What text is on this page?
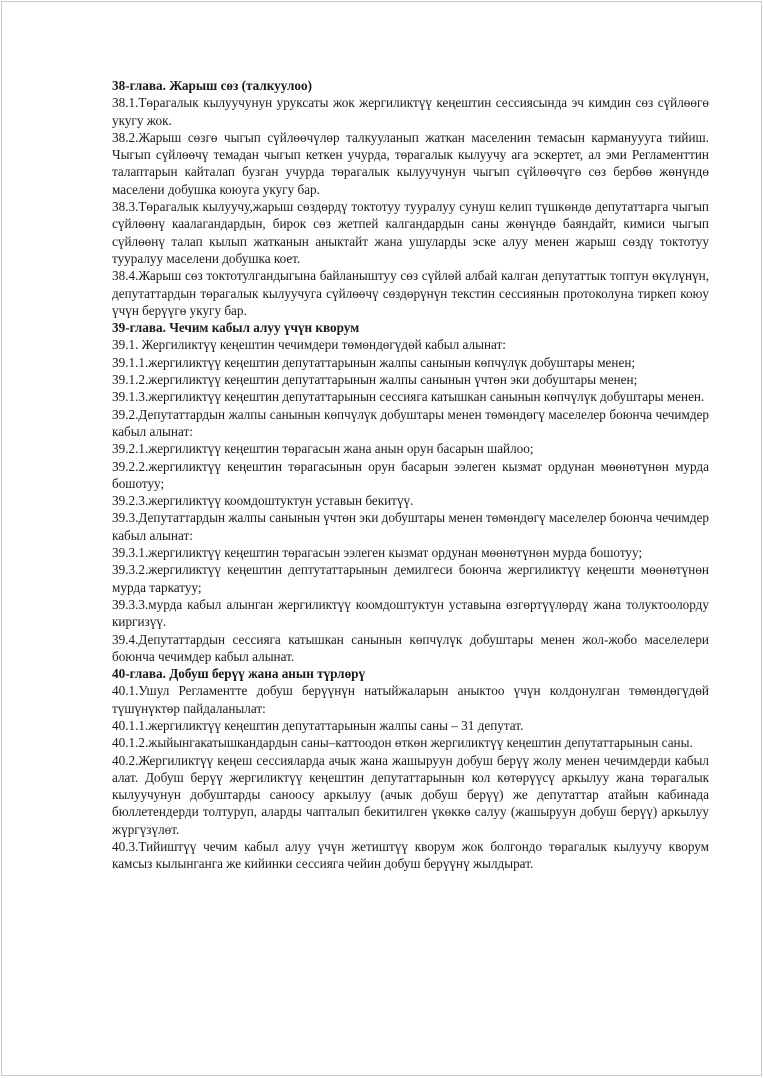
38-глава. Жарыш сөз (талкуулоо)

38.1.Төрагалык кылуучунун уруксаты жок жергиликтүү кеңештин сессиясында эч кимдин сөз сүйлөөгө укугу жок.

38.2.Жарыш сөзгө чыгып сүйлөөчүлөр талкууланып жаткан маселенин темасын кармануууга тийиш. Чыгып сүйлөөчү темадан чыгып кеткен учурда, төрагалык кылуучу ага эскертет, ал эми Регламенттин талаптарын кайталап бузган учурда төрагалык кылуучунун чыгып сүйлөөчүгө сөз бербөө жөнүндө маселени добушка коюуга укугу бар.

38.3.Төрагалык кылуучу,жарыш сөздөрдү токтотуу тууралуу сунуш келип түшкөндө депутаттарга чыгып сүйлөөнү каалагандардын, бирок сөз жетпей калгандардын саны жөнүндө баяндайт, кимиси чыгып сүйлөөнү талап кылып жатканын аныктайт жана ушуларды эске алуу менен жарыш сөздү токтотуу тууралуу маселени добушка коет.

38.4.Жарыш сөз токтотулгандыгына байланыштуу сөз сүйлөй албай калган депутаттык топтун өкүлүнүн, депутаттардын төрагалык кылуучуга сүйлөөчү сөздөрүнүн текстин сессиянын протоколуна тиркеп коюу үчүн берүүгө укугу бар.

39-глава. Чечим кабыл алуу үчүн кворум

39.1. Жергиликтүү кеңештин чечимдери төмөндөгүдөй кабыл алынат:

39.1.1.жергиликтүү кеңештин депутаттарынын жалпы санынын көпчүлүк добуштары менен;

39.1.2.жергиликтүү кеңештин депутаттарынын жалпы санынын үчтөн эки добуштары менен;

39.1.3.жергиликтүү кеңештин депутаттарынын сессияга катышкан санынын көпчүлүк добуштары менен.

39.2.Депутаттардын жалпы санынын көпчүлүк добуштары менен төмөндөгү маселелер боюнча чечимдер кабыл алынат:

39.2.1.жергиликтүү кеңештин төрагасын жана анын орун басарын шайлоо;

39.2.2.жергиликтүү кеңештин төрагасынын орун басарын ээлеген кызмат ордунан мөөнөтүнөн мурда бошотуу;

39.2.3.жергиликтүү коомдоштуктун уставын бекитүү.

39.3.Депутаттардын жалпы санынын үчтөн эки добуштары менен төмөндөгү маселелер боюнча чечимдер кабыл алынат:

39.3.1.жергиликтүү кеңештин төрагасын ээлеген кызмат ордунан мөөнөтүнөн мурда бошотуу;

39.3.2.жергиликтүү кеңештин дептутаттарынын демилгеси боюнча жергиликтүү кеңешти мөөнөтүнөн мурда таркатуу;

39.3.3.мурда кабыл алынган жергиликтүү коомдоштуктун уставына өзгөртүүлөрдү жана толуктоолорду киргизүү.

39.4.Депутаттардын сессияга катышкан санынын көпчүлүк добуштары менен жол-жобо маселелери боюнча чечимдер кабыл алынат.

40-глава. Добуш берүү жана анын түрлөрү

40.1.Ушул Регламентте добуш берүүнүн натыйжаларын аныктоо үчүн колдонулган төмөндөгүдөй түшүнүктөр пайдаланылат:

40.1.1.жергиликтүү кеңештин депутаттарынын жалпы саны – 31 депутат.

40.1.2.жыйынгакатышкандардын саны–каттоодон өткөн жергиликтүү кеңештин депутаттарынын саны.

40.2.Жергиликтүү кеңеш сессияларда ачык жана жашыруун добуш берүү жолу менен чечимдерди кабыл алат. Добуш берүү жергиликтүү кеңештин депутаттарынын кол көтөрүүсү аркылуу жана төрагалык кылуучунун добуштарды саноосу аркылуу (ачык добуш берүү) же депутаттар атайын кабинада бюллетендерди толтуруп, аларды чапталып бекитилген үкөккө салуу (жашыруун добуш берүү) аркылуу жүргүзүлөт.

40.3.Тийиштүү чечим кабыл алуу үчүн жетиштүү кворум жок болгондо төрагалык кылуучу кворум камсыз кылынганга же кийинки сессияга чейин добуш берүүнү жылдырат.
